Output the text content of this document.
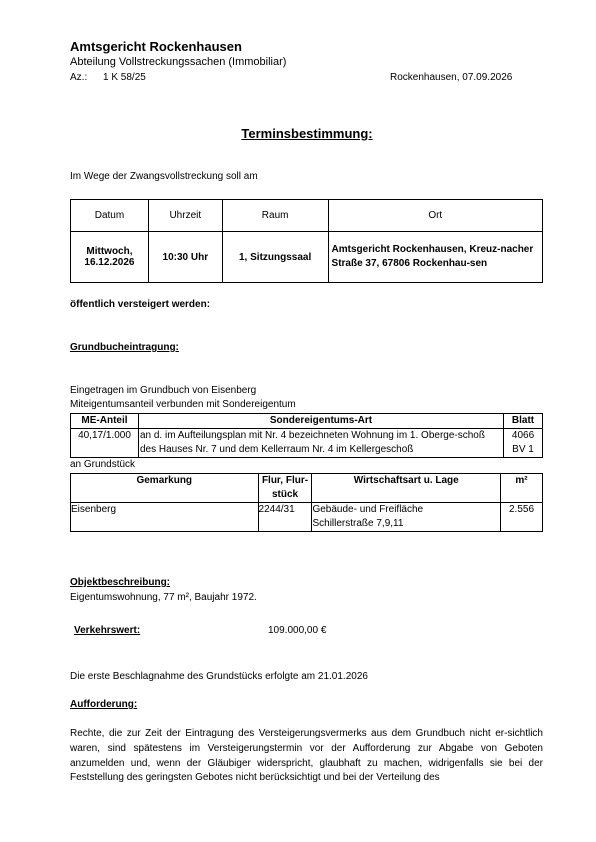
Amtsgericht Rockenhausen
Abteilung Vollstreckungssachen (Immobiliar)
Az.: 1 K 58/25	Rockenhausen, 07.09.2026
Terminsbestimmung:
Im Wege der Zwangsvollstreckung soll am
Datum	Uhrzeit	Raum	Ort

Mittwoch,
16.12.2026	10:30 Uhr	1, Sitzungssaal	Amtsgericht Rockenhausen, Kreuz-nacher Straße 37, 67806 Rockenhau-sen
öffentlich versteigert werden:
Grundbucheintragung:
Eingetragen im Grundbuch von Eisenberg
Miteigentumsanteil verbunden mit Sondereigentum
ME-Anteil	Sondereigentums-Art	Blatt
40,17/1.000	an d. im Aufteilungsplan mit Nr. 4 bezeichneten Wohnung im 1. Oberge-schoß des Hauses Nr. 7 und dem Kellerraum Nr. 4 im Kellergeschoß	4066
BV 1
an Grundstück
Gemarkung	Flur, Flur-stück	Wirtschaftsart u. Lage	m²
Eisenberg	2244/31	Gebäude- und Freifläche
Schillerstraße 7,9,11	2.556
Objektbeschreibung:
Eigentumswohnung, 77 m², Baujahr 1972.
Verkehrswert:	109.000,00 €
Die erste Beschlagnahme des Grundstücks erfolgte am 21.01.2026
Aufforderung:
Rechte, die zur Zeit der Eintragung des Versteigerungsvermerks aus dem Grundbuch nicht er-sichtlich waren, sind spätestens im Versteigerungstermin vor der Aufforderung zur Abgabe von Geboten anzumelden und, wenn der Gläubiger widerspricht, glaubhaft zu machen, widrigenfalls sie bei der Feststellung des geringsten Gebotes nicht berücksichtigt und bei der Verteilung des
